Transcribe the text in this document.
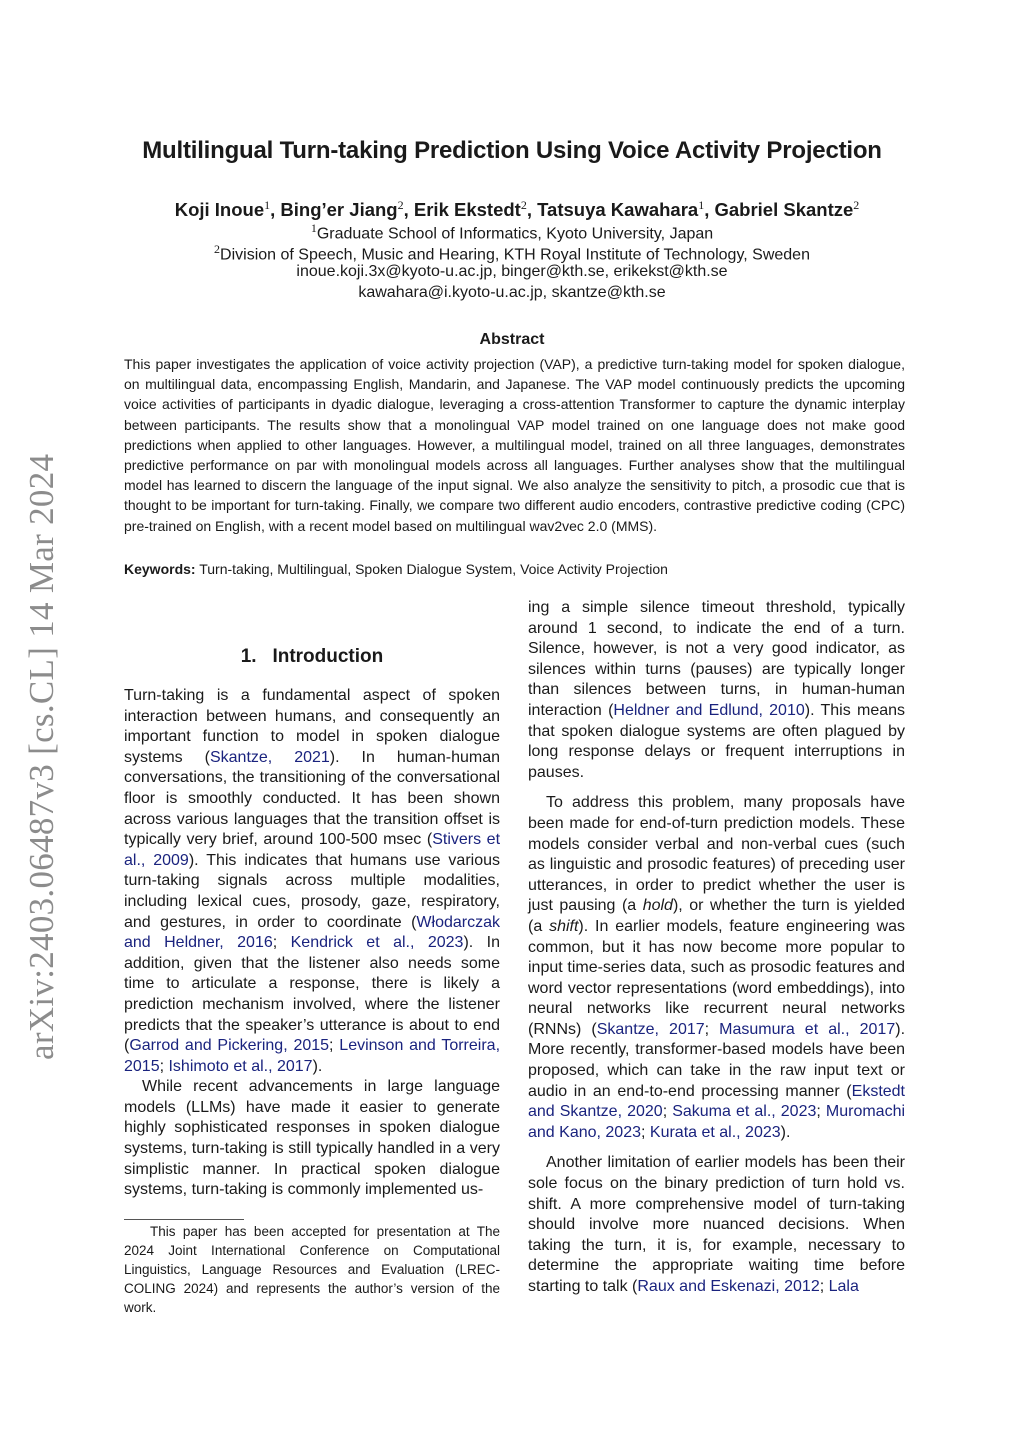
arXiv:2403.06487v3 [cs.CL] 14 Mar 2024
Multilingual Turn-taking Prediction Using Voice Activity Projection
Koji Inoue$^1$, Bing’er Jiang$^2$, Erik Ekstedt$^2$, Tatsuya Kawahara$^1$, Gabriel Skantze$^2$
$^1$Graduate School of Informatics, Kyoto University, Japan
$^2$Division of Speech, Music and Hearing, KTH Royal Institute of Technology, Sweden
inoue.koji.3x@kyoto-u.ac.jp, binger@kth.se, erikekst@kth.se
kawahara@i.kyoto-u.ac.jp, skantze@kth.se
Abstract
This paper investigates the application of voice activity projection (VAP), a predictive turn-taking model for spoken dialogue, on multilingual data, encompassing English, Mandarin, and Japanese. The VAP model continuously predicts the upcoming voice activities of participants in dyadic dialogue, leveraging a cross-attention Transformer to capture the dynamic interplay between participants. The results show that a monolingual VAP model trained on one language does not make good predictions when applied to other languages. However, a multilingual model, trained on all three languages, demonstrates predictive performance on par with monolingual models across all languages. Further analyses show that the multilingual model has learned to discern the language of the input signal. We also analyze the sensitivity to pitch, a prosodic cue that is thought to be important for turn-taking. Finally, we compare two different audio encoders, contrastive predictive coding (CPC) pre-trained on English, with a recent model based on multilingual wav2vec 2.0 (MMS).
Keywords: Turn-taking, Multilingual, Spoken Dialogue System, Voice Activity Projection
1. Introduction

Turn-taking is a fundamental aspect of spoken interaction between humans, and consequently an important function to model in spoken dialogue systems (Skantze, 2021). In human-human conversations, the transitioning of the conversational floor is smoothly conducted. It has been shown across various languages that the transition offset is typically very brief, around 100-500 msec (Stivers et al., 2009). This indicates that humans use various turn-taking signals across multiple modalities, including lexical cues, prosody, gaze, respiratory, and gestures, in order to coordinate (Włodarczak and Heldner, 2016; Kendrick et al., 2023). In addition, given that the listener also needs some time to articulate a response, there is likely a prediction mechanism involved, where the listener predicts that the speaker’s utterance is about to end (Garrod and Pickering, 2015; Levinson and Torreira, 2015; Ishimoto et al., 2017).

While recent advancements in large language models (LLMs) have made it easier to generate highly sophisticated responses in spoken dialogue systems, turn-taking is still typically handled in a very simplistic manner. In practical spoken dialogue systems, turn-taking is commonly implemented us-

This paper has been accepted for presentation at The 2024 Joint International Conference on Computational Linguistics, Language Resources and Evaluation (LREC-COLING 2024) and represents the author’s version of the work.

ing a simple silence timeout threshold, typically around 1 second, to indicate the end of a turn. Silence, however, is not a very good indicator, as silences within turns (pauses) are typically longer than silences between turns, in human-human interaction (Heldner and Edlund, 2010). This means that spoken dialogue systems are often plagued by long response delays or frequent interruptions in pauses.

To address this problem, many proposals have been made for end-of-turn prediction models. These models consider verbal and non-verbal cues (such as linguistic and prosodic features) of preceding user utterances, in order to predict whether the user is just pausing (a hold), or whether the turn is yielded (a shift). In earlier models, feature engineering was common, but it has now become more popular to input time-series data, such as prosodic features and word vector representations (word embeddings), into neural networks like recurrent neural networks (RNNs) (Skantze, 2017; Masumura et al., 2017). More recently, transformer-based models have been proposed, which can take in the raw input text or audio in an end-to-end processing manner (Ekstedt and Skantze, 2020; Sakuma et al., 2023; Muromachi and Kano, 2023; Kurata et al., 2023).

Another limitation of earlier models has been their sole focus on the binary prediction of turn hold vs. shift. A more comprehensive model of turn-taking should involve more nuanced decisions. When taking the turn, it is, for example, necessary to determine the appropriate waiting time before starting to talk (Raux and Eskenazi, 2012; Lala
